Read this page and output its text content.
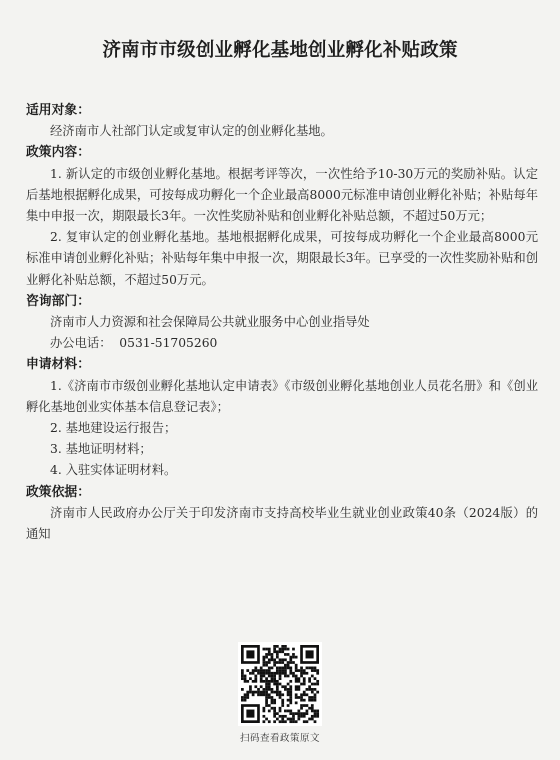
济南市市级创业孵化基地创业孵化补贴政策

适用对象：

经济南市人社部门认定或复审认定的创业孵化基地。

政策内容：

1. 新认定的市级创业孵化基地。根据考评等次，一次性给予10-30万元的奖励补贴。认定后基地根据孵化成果，可按每成功孵化一个企业最高8000元标准申请创业孵化补贴；补贴每年集中申报一次，期限最长3年。一次性奖励补贴和创业孵化补贴总额，不超过50万元；

2. 复审认定的创业孵化基地。基地根据孵化成果，可按每成功孵化一个企业最高8000元标准申请创业孵化补贴；补贴每年集中申报一次，期限最长3年。已享受的一次性奖励补贴和创业孵化补贴总额，不超过50万元。

咨询部门：

济南市人力资源和社会保障局公共就业服务中心创业指导处

办公电话：  0531-51705260

申请材料：

1.《济南市市级创业孵化基地认定申请表》《市级创业孵化基地创业人员花名册》和《创业孵化基地创业实体基本信息登记表》；

2. 基地建设运行报告；

3. 基地证明材料；

4. 入驻实体证明材料。

政策依据：

济南市人民政府办公厅关于印发济南市支持高校毕业生就业创业政策40条（2024版）的通知

扫码查看政策原文
